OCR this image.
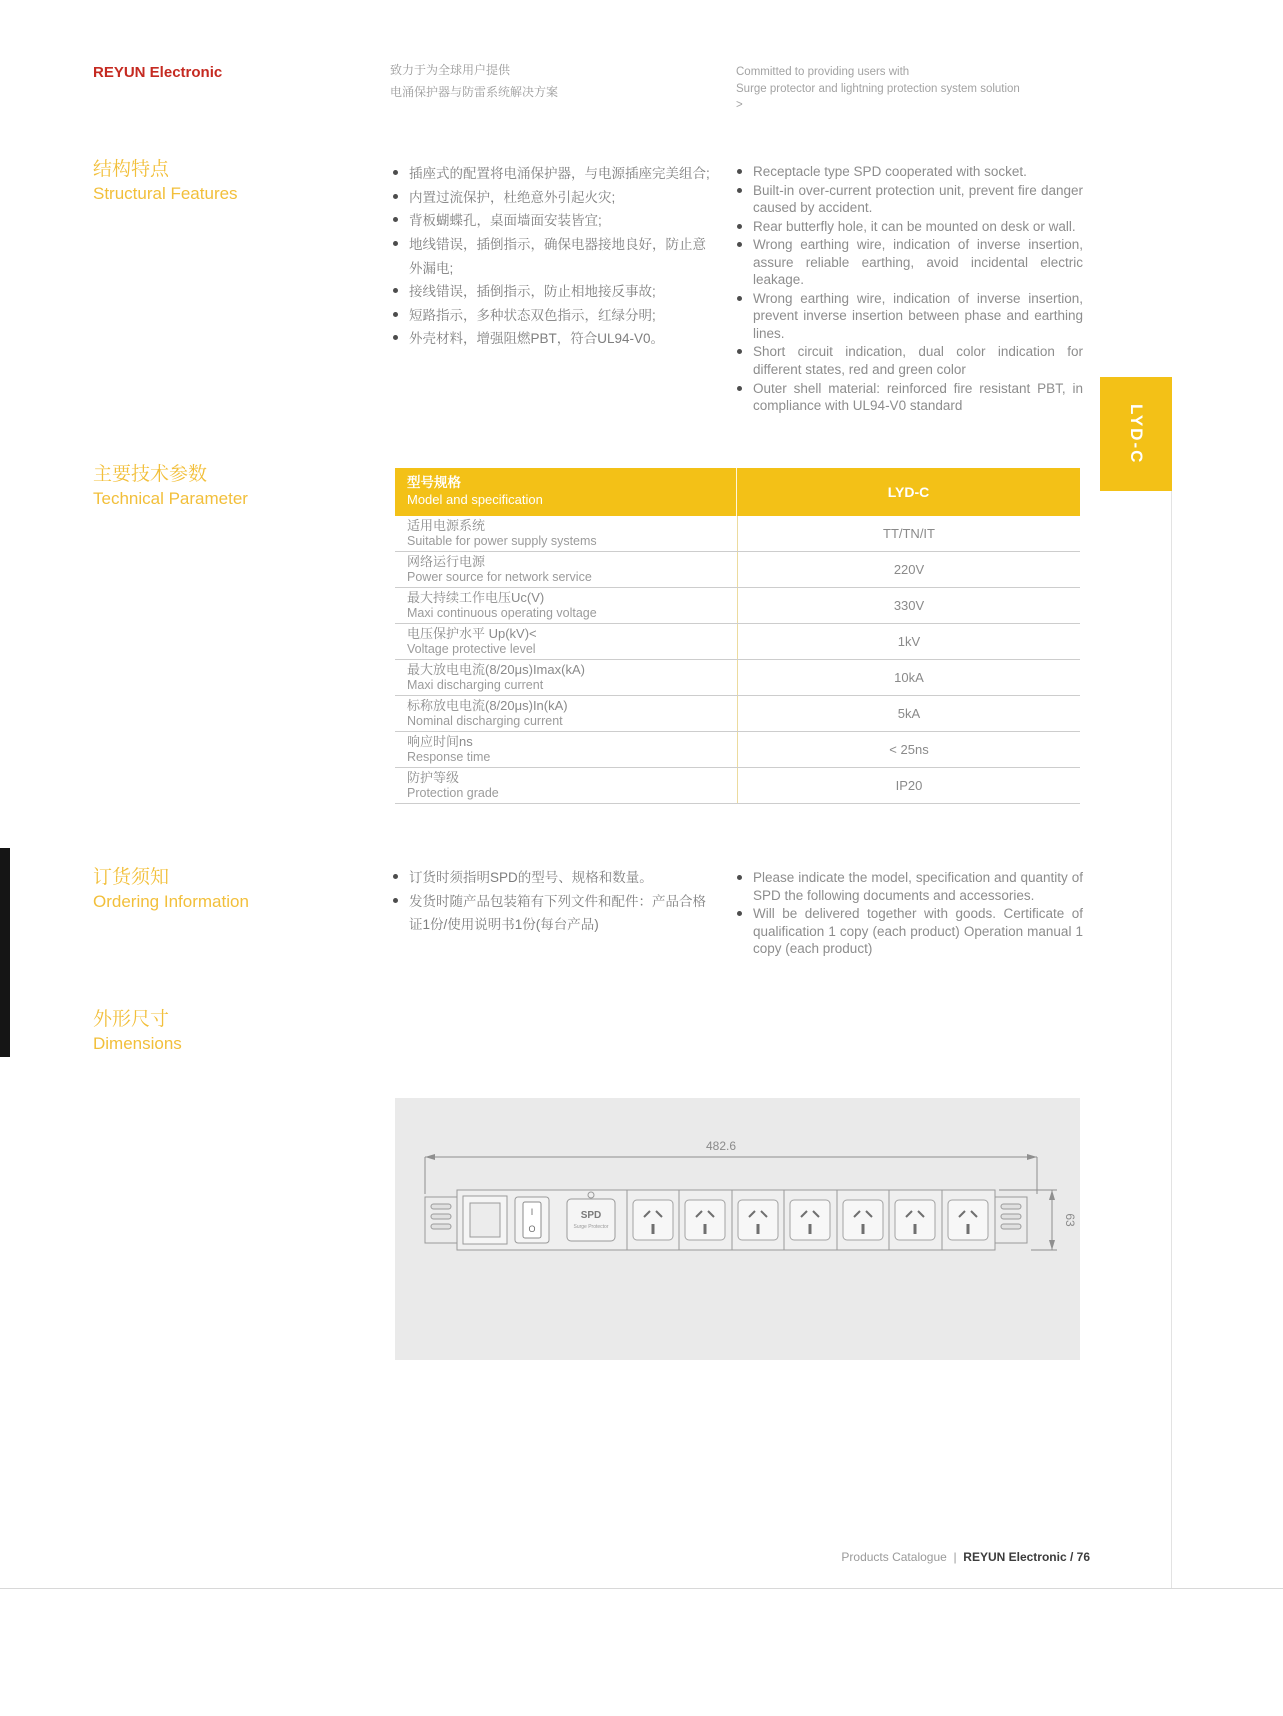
REYUN Electronic	致力于为全球用户提供
电涌保护器与防雷系统解决方案
Committed to providing users with
Surge protector and lightning protection system solution
>
LYD-C
结构特点
Structural Features
插座式的配置将电涌保护器，与电源插座完美组合;
内置过流保护，杜绝意外引起火灾;
背板蝴蝶孔，桌面墙面安装皆宜;
地线错误，插倒指示，确保电器接地良好，防止意外漏电;
接线错误，插倒指示，防止相地接反事故;
短路指示，多种状态双色指示，红绿分明;
外壳材料，增强阻燃PBT，符合UL94-V0。
Receptacle type SPD cooperated with socket.
Built-in over-current protection unit, prevent fire danger caused by accident.
Rear butterfly hole, it can be mounted on desk or wall.
Wrong earthing wire, indication of inverse insertion, assure reliable earthing, avoid incidental electric leakage.
Wrong earthing wire, indication of inverse insertion, prevent inverse insertion between phase and earthing lines.
Short circuit indication, dual color indication for different states, red and green color
Outer shell material: reinforced fire resistant PBT, in compliance with UL94-V0 standard
主要技术参数
Technical Parameter
型号规格
Model and specification	LYD-C
适用电源系统
Suitable for power supply systems	TT/TN/IT
网络运行电源
Power source for network service	220V
最大持续工作电压Uc(V)
Maxi continuous operating voltage	330V
电压保护水平 Up(kV)<
Voltage protective level	1kV
最大放电电流(8/20μs)Imax(kA)
Maxi discharging current	10kA
标称放电电流(8/20μs)In(kA)
Nominal discharging current	5kA
响应时间ns
Response time	< 25ns
防护等级
Protection grade	IP20
订货须知
Ordering Information
订货时须指明SPD的型号、规格和数量。
发货时随产品包装箱有下列文件和配件：产品合格证1份/使用说明书1份(每台产品)
Please indicate the model, specification and quantity of SPD the following documents and accessories.
Will be delivered together with goods. Certificate of qualification 1 copy (each product) Operation manual 1 copy (each product)
外形尺寸
Dimensions
482.6
I
O
SPD
Surge Protector
63
Products Catalogue | REYUN Electronic / 76
